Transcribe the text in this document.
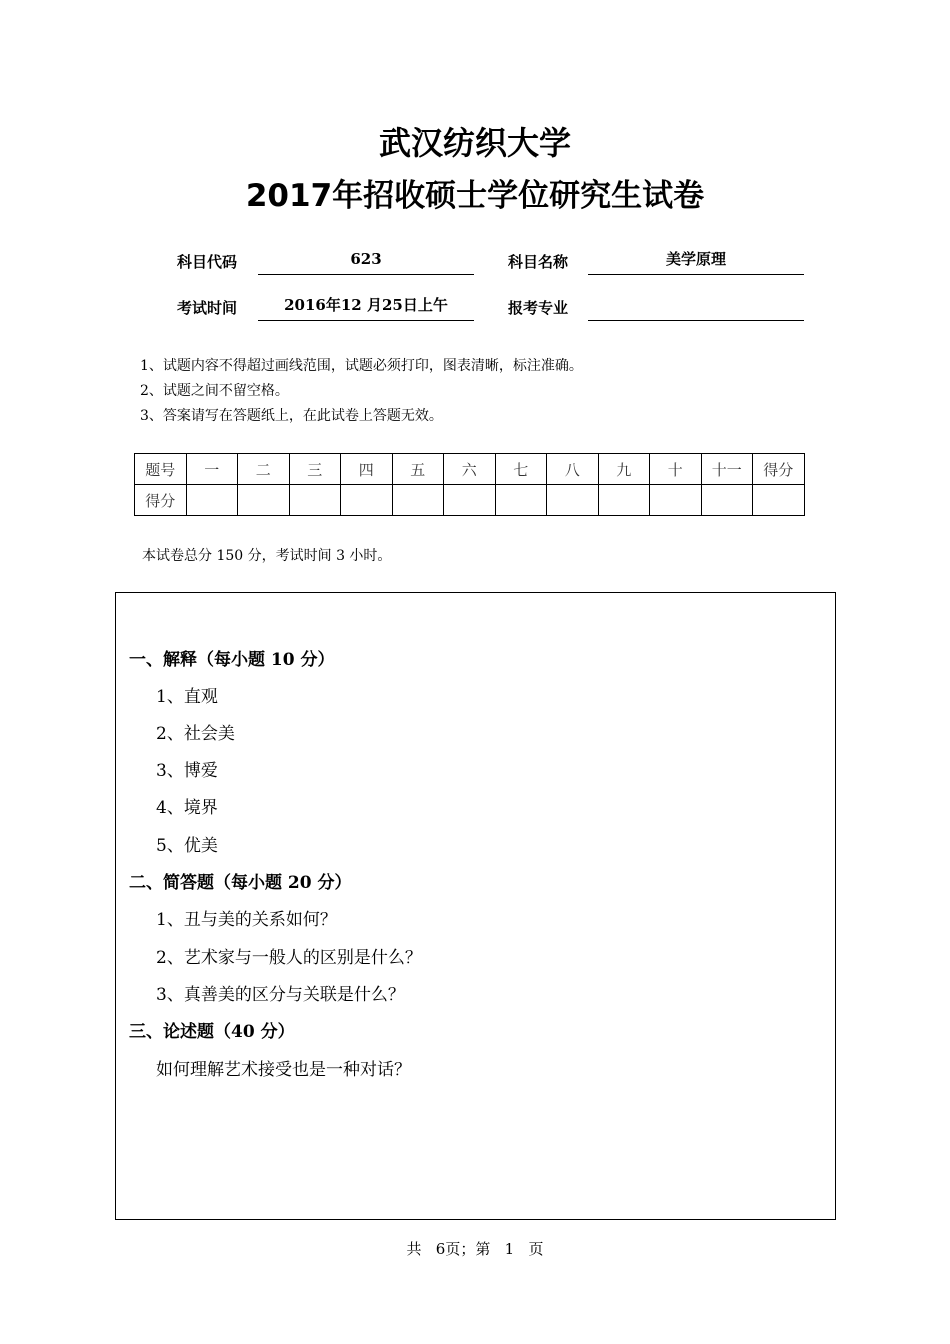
武汉纺织大学
2017年招收硕士学位研究生试卷
科目代码	623	科目名称	美学原理
考试时间	2016年12 月25日上午	报考专业
1、试题内容不得超过画线范围，试题必须打印，图表清晰，标注准确。
2、试题之间不留空格。
3、答案请写在答题纸上，在此试卷上答题无效。
题号	一	二	三	四	五	六	七	八	九	十	十一	得分
得分												
本试卷总分 150 分，考试时间 3 小时。
一、解释（每小题 10 分）
1、直观
2、社会美
3、博爱
4、境界
5、优美
二、简答题（每小题 20 分）
1、丑与美的关系如何？
2、艺术家与一般人的区别是什么？
3、真善美的区分与关联是什么？
三、论述题（40 分）
如何理解艺术接受也是一种对话？
共 6页；第 1 页
